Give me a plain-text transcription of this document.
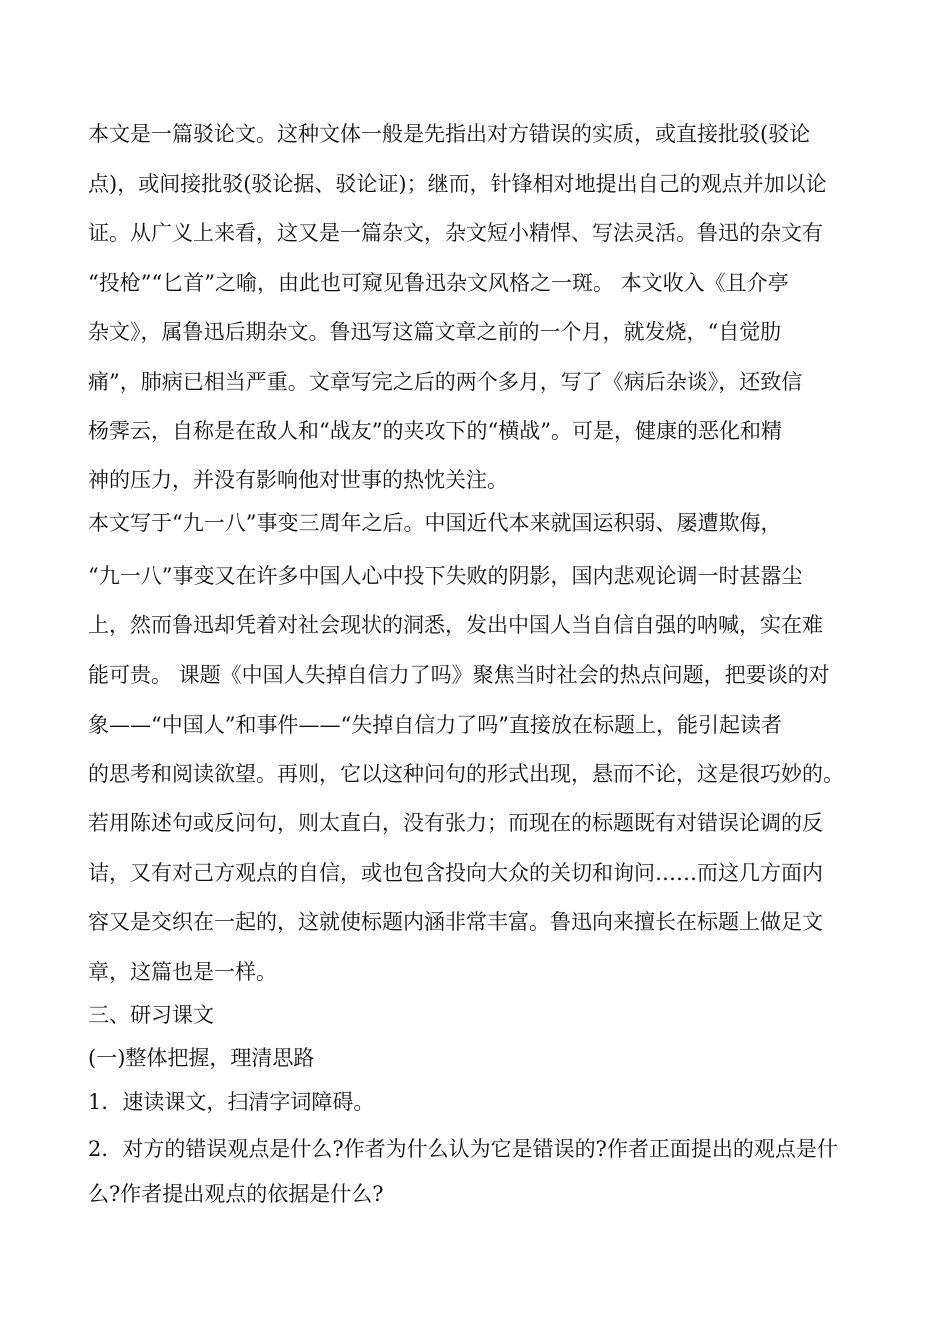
本文是一篇驳论文。这种文体一般是先指出对方错误的实质，或直接批驳(驳论
点)，或间接批驳(驳论据、驳论证)；继而，针锋相对地提出自己的观点并加以论
证。从广义上来看，这又是一篇杂文，杂文短小精悍、写法灵活。鲁迅的杂文有
“投枪”“匕首”之喻，由此也可窥见鲁迅杂文风格之一斑。 本文收入《且介亭
杂文》，属鲁迅后期杂文。鲁迅写这篇文章之前的一个月，就发烧，“自觉肋
痛”，肺病已相当严重。文章写完之后的两个多月，写了《病后杂谈》，还致信
杨霁云，自称是在敌人和“战友”的夹攻下的“横战”。可是，健康的恶化和精
神的压力，并没有影响他对世事的热忱关注。
本文写于“九一八”事变三周年之后。中国近代本来就国运积弱、屡遭欺侮，
“九一八”事变又在许多中国人心中投下失败的阴影，国内悲观论调一时甚嚣尘
上，然而鲁迅却凭着对社会现状的洞悉，发出中国人当自信自强的呐喊，实在难
能可贵。 课题《中国人失掉自信力了吗》聚焦当时社会的热点问题，把要谈的对
象——“中国人”和事件——“失掉自信力了吗”直接放在标题上，能引起读者
的思考和阅读欲望。再则，它以这种问句的形式出现，悬而不论，这是很巧妙的。
若用陈述句或反问句，则太直白，没有张力；而现在的标题既有对错误论调的反
诘，又有对己方观点的自信，或也包含投向大众的关切和询问……而这几方面内
容又是交织在一起的，这就使标题内涵非常丰富。鲁迅向来擅长在标题上做足文
章，这篇也是一样。
三、研习课文
(一)整体把握，理清思路
1．速读课文，扫清字词障碍。
2．对方的错误观点是什么?作者为什么认为它是错误的?作者正面提出的观点是什
么?作者提出观点的依据是什么?
